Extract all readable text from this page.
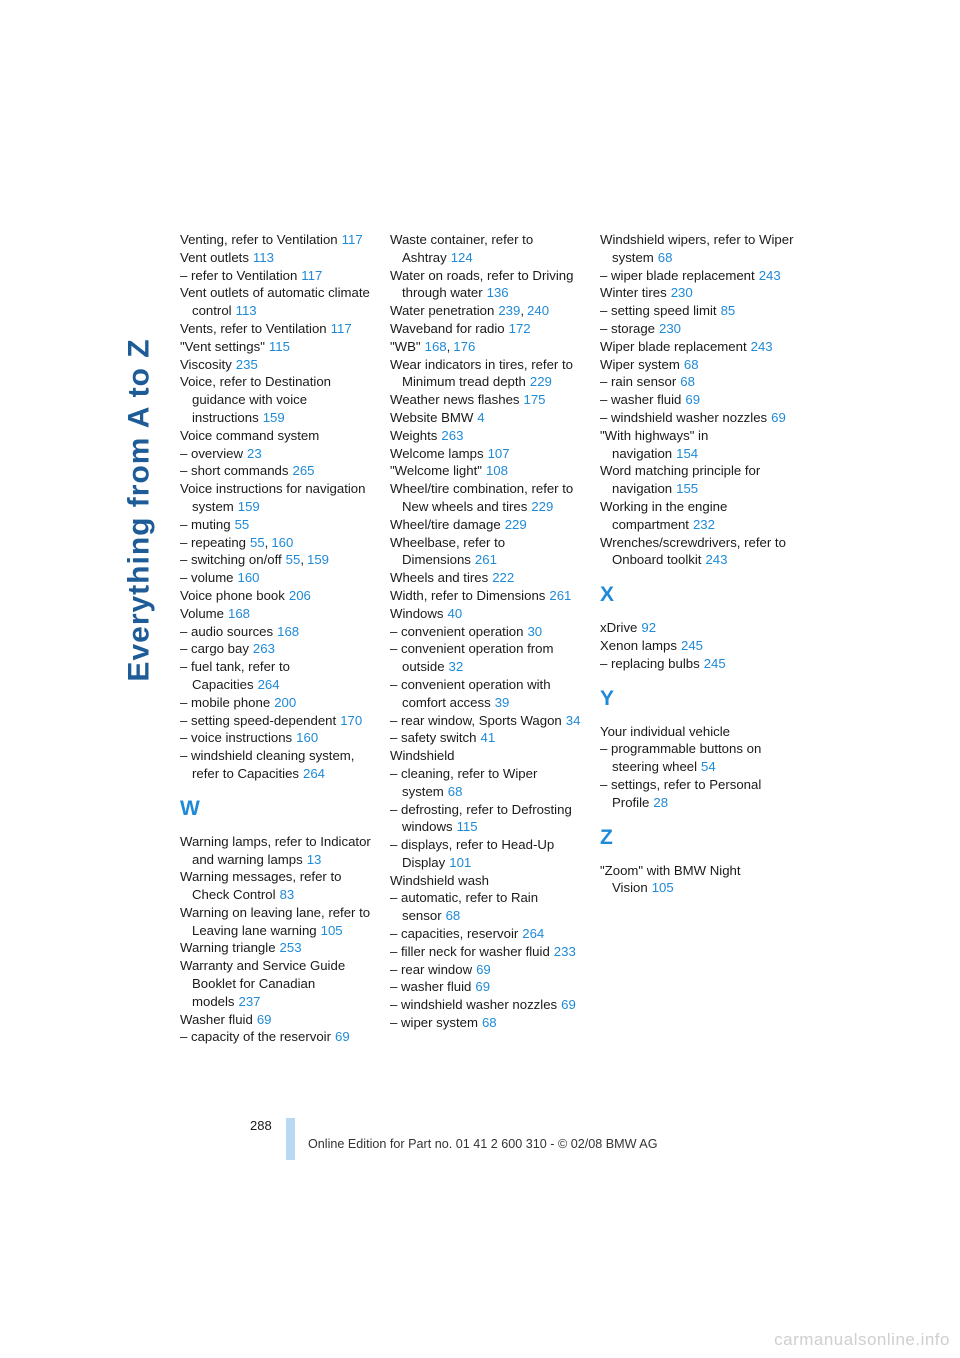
Everything from A to Z
Venting, refer to Ventilation 117
Vent outlets 113
– refer to Ventilation 117
Vent outlets of automatic climate control 113
Vents, refer to Ventilation 117
"Vent settings" 115
Viscosity 235
Voice, refer to Destination guidance with voice instructions 159
Voice command system
– overview 23
– short commands 265
Voice instructions for navigation system 159
– muting 55
– repeating 55, 160
– switching on/off 55, 159
– volume 160
Voice phone book 206
Volume 168
– audio sources 168
– cargo bay 263
– fuel tank, refer to Capacities 264
– mobile phone 200
– setting speed-dependent 170
– voice instructions 160
– windshield cleaning system, refer to Capacities 264
W
Warning lamps, refer to Indicator and warning lamps 13
Warning messages, refer to Check Control 83
Warning on leaving lane, refer to Leaving lane warning 105
Warning triangle 253
Warranty and Service Guide Booklet for Canadian models 237
Washer fluid 69
– capacity of the reservoir 69
Waste container, refer to Ashtray 124
Water on roads, refer to Driving through water 136
Water penetration 239, 240
Waveband for radio 172
"WB" 168, 176
Wear indicators in tires, refer to Minimum tread depth 229
Weather news flashes 175
Website BMW 4
Weights 263
Welcome lamps 107
"Welcome light" 108
Wheel/tire combination, refer to New wheels and tires 229
Wheel/tire damage 229
Wheelbase, refer to Dimensions 261
Wheels and tires 222
Width, refer to Dimensions 261
Windows 40
– convenient operation 30
– convenient operation from outside 32
– convenient operation with comfort access 39
– rear window, Sports Wagon 34
– safety switch 41
Windshield
– cleaning, refer to Wiper system 68
– defrosting, refer to Defrosting windows 115
– displays, refer to Head-Up Display 101
Windshield wash
– automatic, refer to Rain sensor 68
– capacities, reservoir 264
– filler neck for washer fluid 233
– rear window 69
– washer fluid 69
– windshield washer nozzles 69
– wiper system 68
Windshield wipers, refer to Wiper system 68
– wiper blade replacement 243
Winter tires 230
– setting speed limit 85
– storage 230
Wiper blade replacement 243
Wiper system 68
– rain sensor 68
– washer fluid 69
– windshield washer nozzles 69
"With highways" in navigation 154
Word matching principle for navigation 155
Working in the engine compartment 232
Wrenches/screwdrivers, refer to Onboard toolkit 243
X
xDrive 92
Xenon lamps 245
– replacing bulbs 245
Y
Your individual vehicle
– programmable buttons on steering wheel 54
– settings, refer to Personal Profile 28
Z
"Zoom" with BMW Night Vision 105
288
Online Edition for Part no. 01 41 2 600 310 - © 02/08 BMW AG
carmanualsonline.info
